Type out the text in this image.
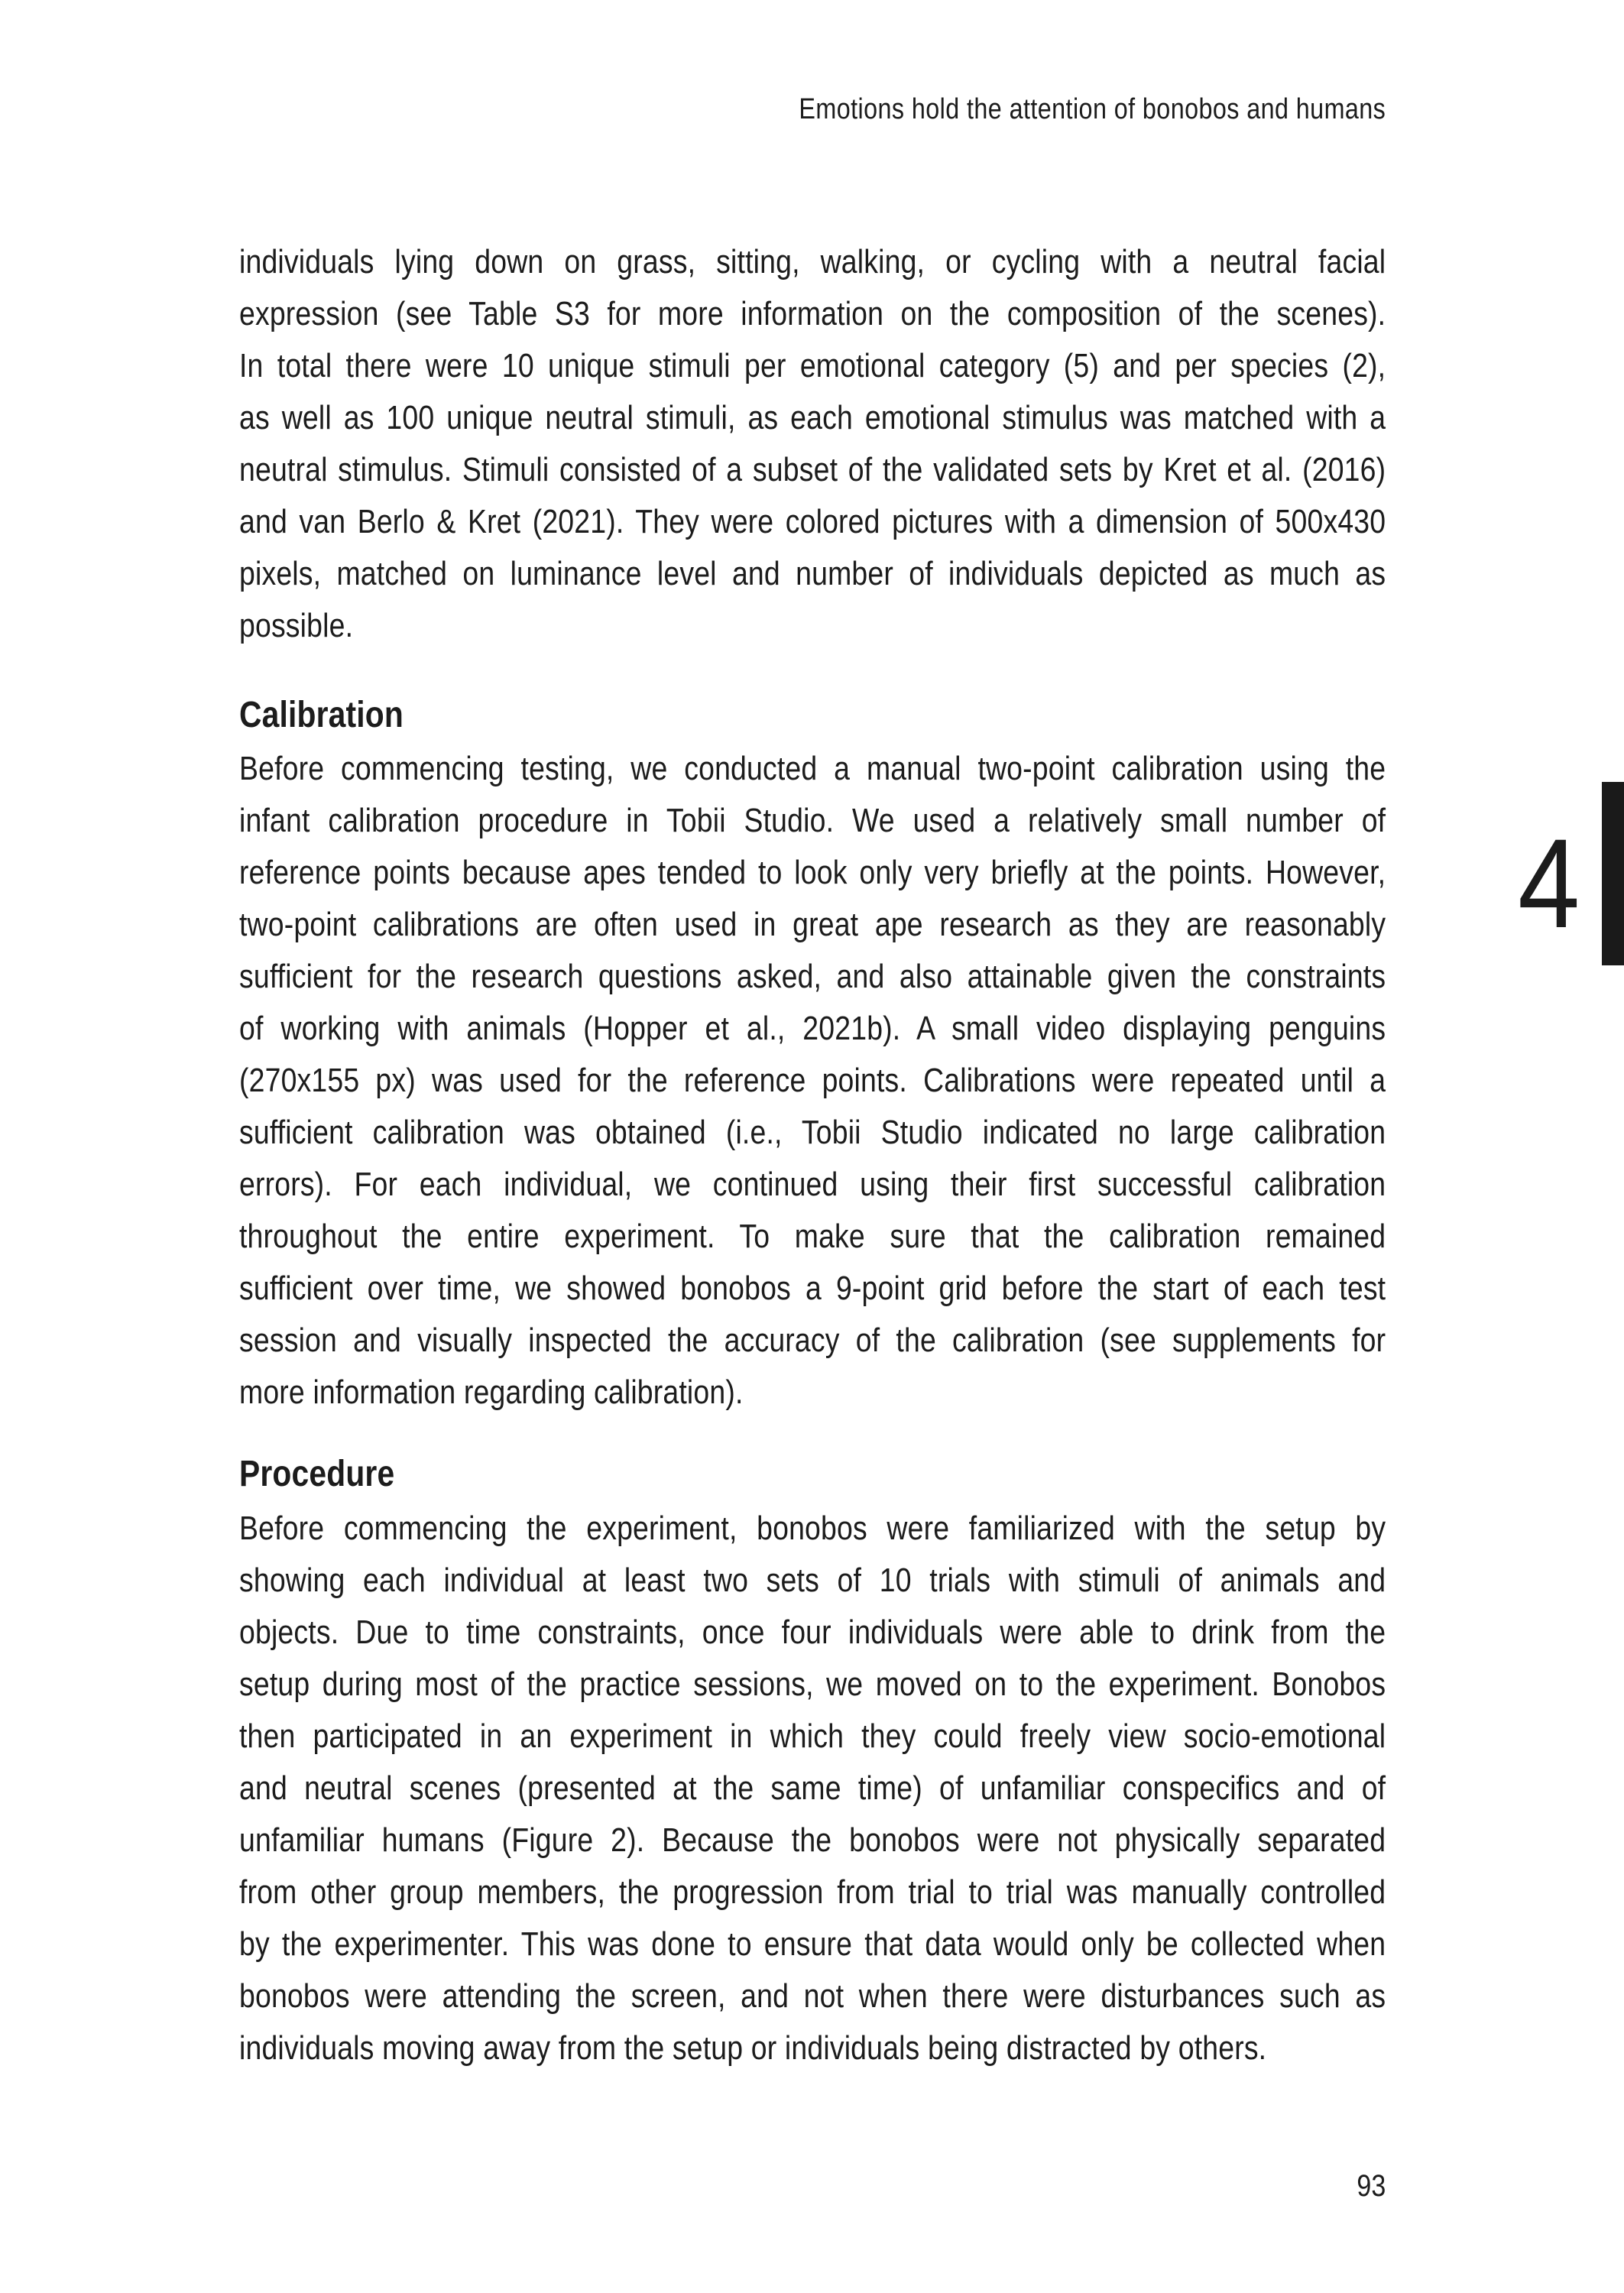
Emotions hold the attention of bonobos and humans
individuals lying down on grass, sitting, walking, or cycling with a neutral facial
expression (see Table S3 for more information on the composition of the scenes).
In total there were 10 unique stimuli per emotional category (5) and per species (2),
as well as 100 unique neutral stimuli, as each emotional stimulus was matched with a
neutral stimulus. Stimuli consisted of a subset of the validated sets by Kret et al. (2016)
and van Berlo & Kret (2021). They were colored pictures with a dimension of 500x430
pixels, matched on luminance level and number of individuals depicted as much as
possible.
Calibration
Before commencing testing, we conducted a manual two-point calibration using the
infant calibration procedure in Tobii Studio. We used a relatively small number of
reference points because apes tended to look only very briefly at the points. However,
two-point calibrations are often used in great ape research as they are reasonably
sufficient for the research questions asked, and also attainable given the constraints
of working with animals (Hopper et al., 2021b). A small video displaying penguins
(270x155 px) was used for the reference points. Calibrations were repeated until a
sufficient calibration was obtained (i.e., Tobii Studio indicated no large calibration
errors). For each individual, we continued using their first successful calibration
throughout the entire experiment. To make sure that the calibration remained
sufficient over time, we showed bonobos a 9-point grid before the start of each test
session and visually inspected the accuracy of the calibration (see supplements for
more information regarding calibration).
Procedure
Before commencing the experiment, bonobos were familiarized with the setup by
showing each individual at least two sets of 10 trials with stimuli of animals and
objects. Due to time constraints, once four individuals were able to drink from the
setup during most of the practice sessions, we moved on to the experiment. Bonobos
then participated in an experiment in which they could freely view socio-emotional
and neutral scenes (presented at the same time) of unfamiliar conspecifics and of
unfamiliar humans (Figure 2). Because the bonobos were not physically separated
from other group members, the progression from trial to trial was manually controlled
by the experimenter. This was done to ensure that data would only be collected when
bonobos were attending the screen, and not when there were disturbances such as
individuals moving away from the setup or individuals being distracted by others.
93
4
